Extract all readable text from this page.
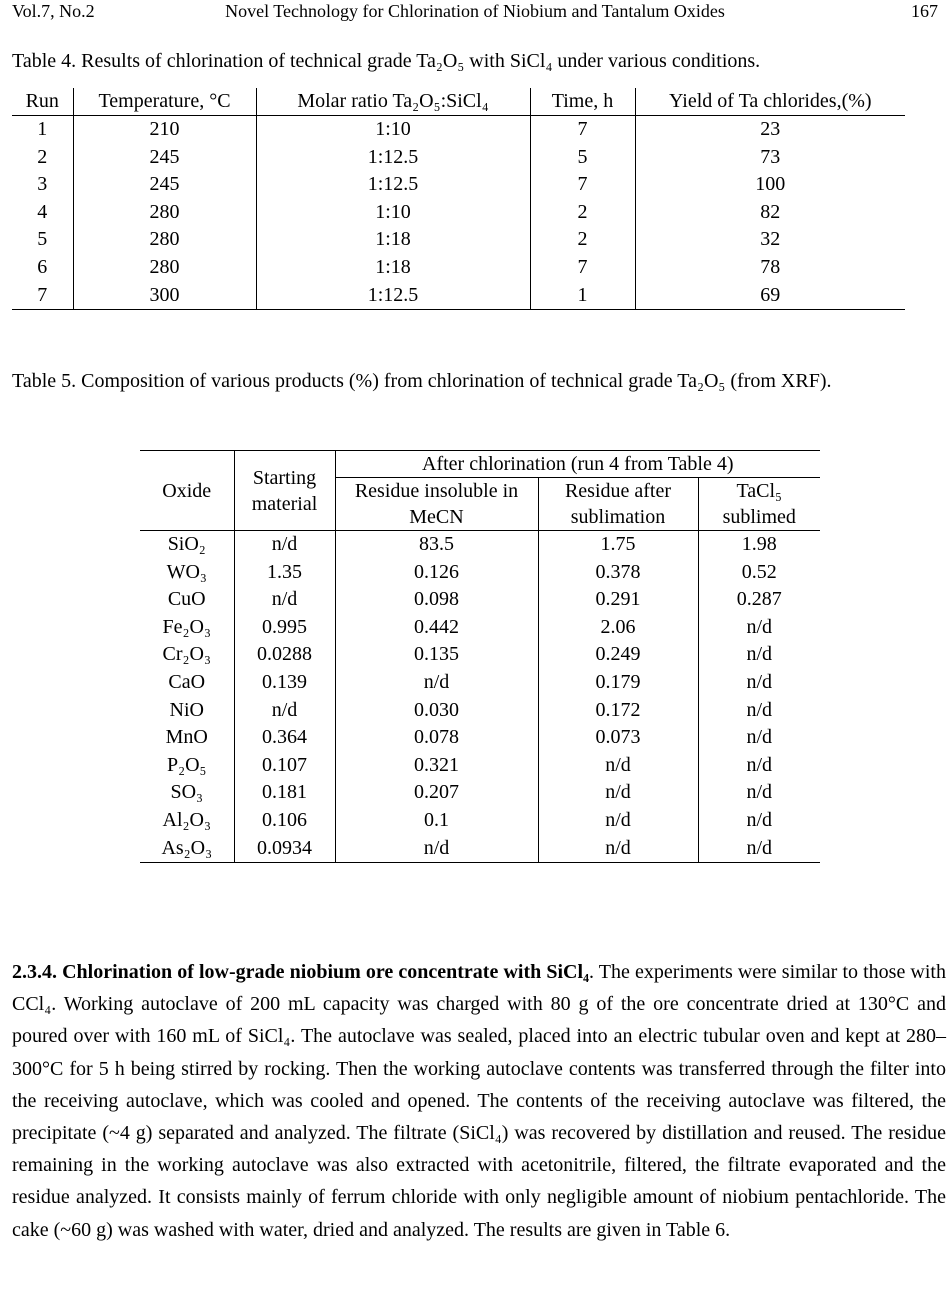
Vol.7, No.2	Novel Technology for Chlorination of Niobium and Tantalum Oxides	167
Table 4. Results of chlorination of technical grade Ta₂O₅ with SiCl₄ under various conditions.
Run	Temperature, °C	Molar ratio Ta₂O₅:SiCl₄	Time, h	Yield of Ta chlorides,(%)
1	210	1:10	7	23
2	245	1:12.5	5	73
3	245	1:12.5	7	100
4	280	1:10	2	82
5	280	1:18	2	32
6	280	1:18	7	78
7	300	1:12.5	1	69
Table 5. Composition of various products (%) from chlorination of technical grade Ta₂O₅ (from XRF).
Oxide	Starting material	After chlorination (run 4 from Table 4)		
		Residue insoluble in MeCN	Residue after sublimation	TaCl₅ sublimed
SiO₂	n/d	83.5	1.75	1.98
WO₃	1.35	0.126	0.378	0.52
CuO	n/d	0.098	0.291	0.287
Fe₂O₃	0.995	0.442	2.06	n/d
Cr₂O₃	0.0288	0.135	0.249	n/d
CaO	0.139	n/d	0.179	n/d
NiO	n/d	0.030	0.172	n/d
MnO	0.364	0.078	0.073	n/d
P₂O₅	0.107	0.321	n/d	n/d
SO₃	0.181	0.207	n/d	n/d
Al₂O₃	0.106	0.1	n/d	n/d
As₂O₃	0.0934	n/d	n/d	n/d
2.3.4. Chlorination of low-grade niobium ore concentrate with SiCl₄. The experiments were similar to those with CCl₄. Working autoclave of 200 mL capacity was charged with 80 g of the ore concentrate dried at 130°C and poured over with 160 mL of SiCl₄. The autoclave was sealed, placed into an electric tubular oven and kept at 280–300°C for 5 h being stirred by rocking. Then the working autoclave contents was transferred through the filter into the receiving autoclave, which was cooled and opened. The contents of the receiving autoclave was filtered, the precipitate (~4 g) separated and analyzed. The filtrate (SiCl₄) was recovered by distillation and reused. The residue remaining in the working autoclave was also extracted with acetonitrile, filtered, the filtrate evaporated and the residue analyzed. It consists mainly of ferrum chloride with only negligible amount of niobium pentachloride. The cake (~60 g) was washed with water, dried and analyzed. The results are given in Table 6.
